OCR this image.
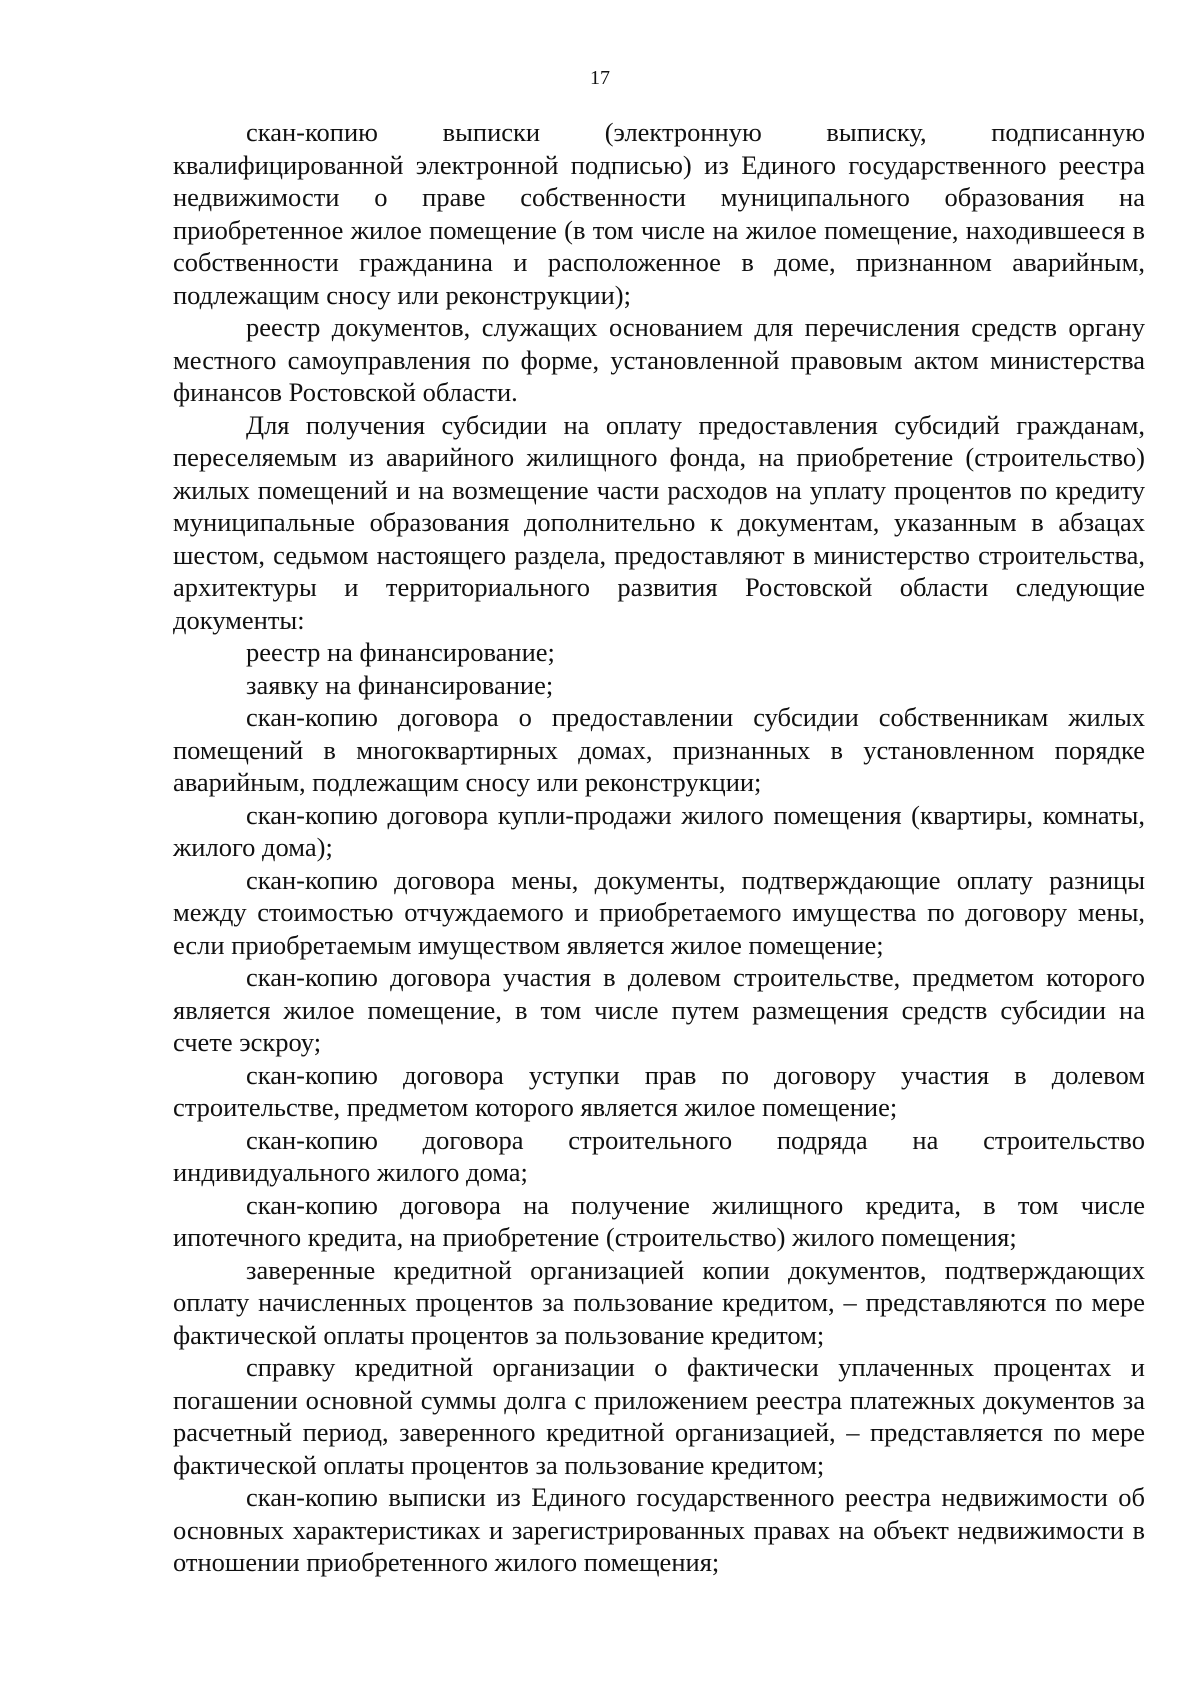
17

скан-копию выписки (электронную выписку, подписанную квалифицированной электронной подписью) из Единого государственного реестра недвижимости о праве собственности муниципального образования на приобретенное жилое помещение (в том числе на жилое помещение, находившееся в собственности гражданина и расположенное в доме, признанном аварийным, подлежащим сносу или реконструкции);

реестр документов, служащих основанием для перечисления средств органу местного самоуправления по форме, установленной правовым актом министерства финансов Ростовской области.

Для получения субсидии на оплату предоставления субсидий гражданам, переселяемым из аварийного жилищного фонда, на приобретение (строительство) жилых помещений и на возмещение части расходов на уплату процентов по кредиту муниципальные образования дополнительно к документам, указанным в абзацах шестом, седьмом настоящего раздела, предоставляют в министерство строительства, архитектуры и территориального развития Ростовской области следующие документы:

реестр на финансирование;

заявку на финансирование;

скан-копию договора о предоставлении субсидии собственникам жилых помещений в многоквартирных домах, признанных в установленном порядке аварийным, подлежащим сносу или реконструкции;

скан-копию договора купли-продажи жилого помещения (квартиры, комнаты, жилого дома);

скан-копию договора мены, документы, подтверждающие оплату разницы между стоимостью отчуждаемого и приобретаемого имущества по договору мены, если приобретаемым имуществом является жилое помещение;

скан-копию договора участия в долевом строительстве, предметом которого является жилое помещение, в том числе путем размещения средств субсидии на счете эскроу;

скан-копию договора уступки прав по договору участия в долевом строительстве, предметом которого является жилое помещение;

скан-копию договора строительного подряда на строительство индивидуального жилого дома;

скан-копию договора на получение жилищного кредита, в том числе ипотечного кредита, на приобретение (строительство) жилого помещения;

заверенные кредитной организацией копии документов, подтверждающих оплату начисленных процентов за пользование кредитом, – представляются по мере фактической оплаты процентов за пользование кредитом;

справку кредитной организации о фактически уплаченных процентах и погашении основной суммы долга с приложением реестра платежных документов за расчетный период, заверенного кредитной организацией, – представляется по мере фактической оплаты процентов за пользование кредитом;

скан-копию выписки из Единого государственного реестра недвижимости об основных характеристиках и зарегистрированных правах на объект недвижимости в отношении приобретенного жилого помещения;
